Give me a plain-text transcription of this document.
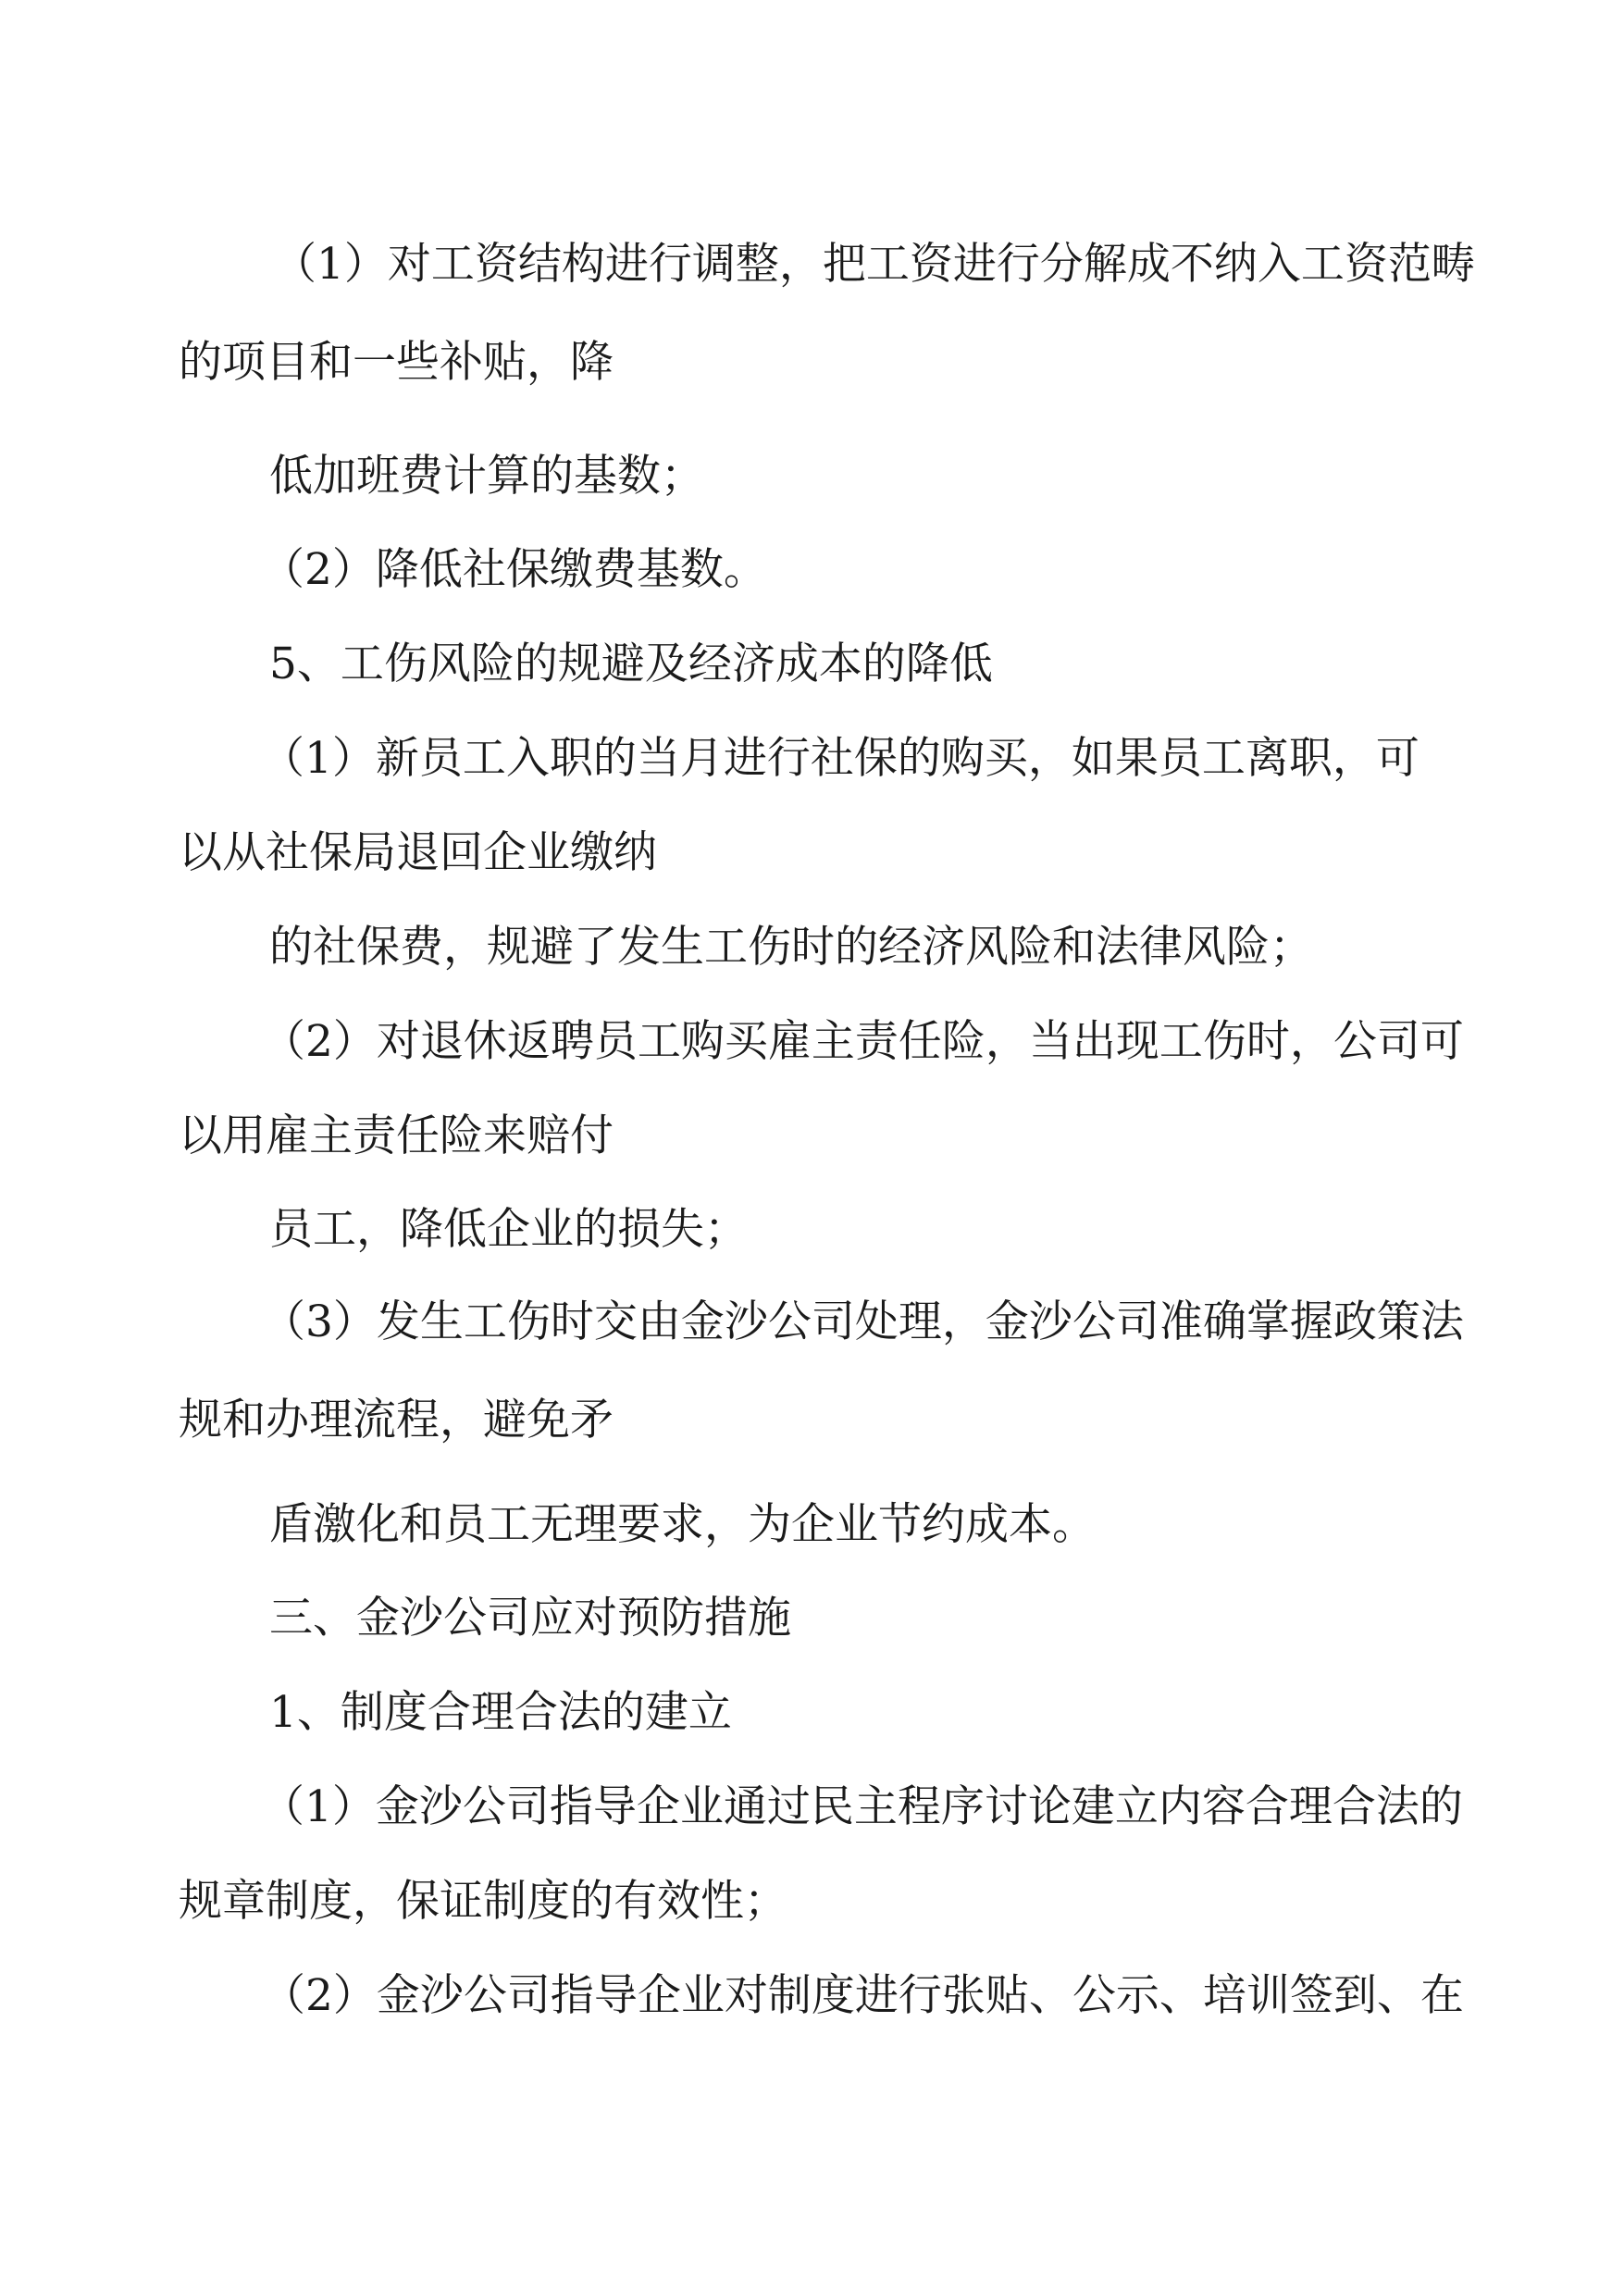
（1）对工资结构进行调整，把工资进行分解成不纳入工资范畴
的项目和一些补贴，降
低加班费计算的基数；
（2）降低社保缴费基数。
5、工伤风险的规避及经济成本的降低
（1）新员工入职的当月进行社保的购买，如果员工离职，可
以从社保局退回企业缴纳
的社保费，规避了发生工伤时的经济风险和法律风险；
（2）对退休返聘员工购买雇主责任险，当出现工伤时，公司可
以用雇主责任险来赔付
员工，降低企业的损失；
（3）发生工伤时交由金沙公司处理，金沙公司准确掌握政策法
规和办理流程，避免矛
盾激化和员工无理要求，为企业节约成本。
三、金沙公司应对预防措施
1、制度合理合法的建立
（1）金沙公司指导企业通过民主程序讨论建立内容合理合法的
规章制度，保证制度的有效性；
（2）金沙公司指导企业对制度进行张贴、公示、培训签到、在
